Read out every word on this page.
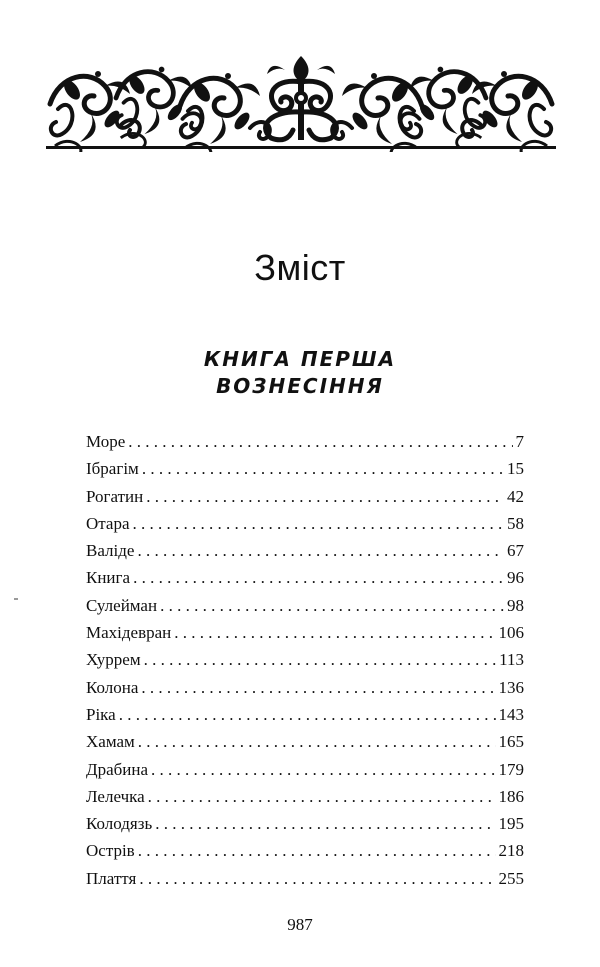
Зміст
КНИГА ПЕРША
ВОЗНЕСІННЯ
Море . . .	7
Ібрагім . . .	15
Рогатин . . .	42
Отара . . .	58
Валіде . . .	67
Книга . . .	96
Сулейман . . .	98
Махідевран . . .	106
Хуррем . . .	113
Колона . . .	136
Ріка . . .	143
Хамам . . .	165
Драбина . . .	179
Лелечка . . .	186
Колодязь . . .	195
Острів . . .	218
Плаття . . .	255
987
